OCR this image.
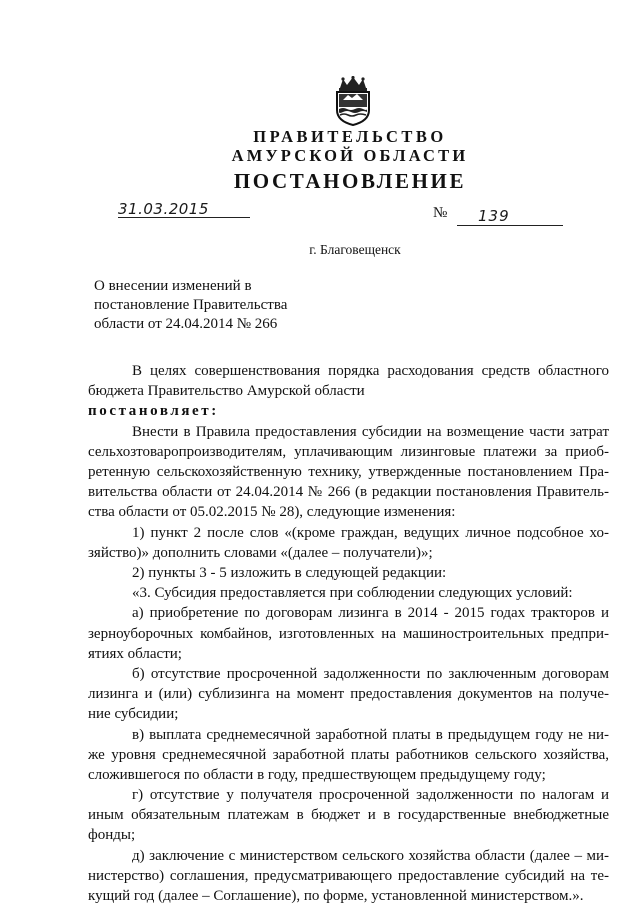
ПРАВИТЕЛЬСТВО
АМУРСКОЙ ОБЛАСТИ
ПОСТАНОВЛЕНИЕ
31.03.2015	№ 139
г. Благовещенск
О внесении изменений в
постановление Правительства
области от 24.04.2014 № 266
В целях совершенствования порядка расходования средств областного
бюджета Правительство Амурской области
постановляет:
Внести в Правила предоставления субсидии на возмещение части затрат
сельхозтоваропроизводителям, уплачивающим лизинговые платежи за приоб-
ретенную сельскохозяйственную технику, утвержденные постановлением Пра-
вительства области от 24.04.2014 № 266 (в редакции постановления Правитель-
ства области от 05.02.2015 № 28), следующие изменения:
1) пункт 2 после слов «(кроме граждан, ведущих личное подсобное хо-
зяйство)» дополнить словами «(далее – получатели)»;
2) пункты 3 - 5 изложить в следующей редакции:
«3. Субсидия предоставляется при соблюдении следующих условий:
а) приобретение по договорам лизинга в 2014 - 2015 годах тракторов и
зерноуборочных комбайнов, изготовленных на машиностроительных предпри-
ятиях области;
б) отсутствие просроченной задолженности по заключенным договорам
лизинга и (или) сублизинга на момент предоставления документов на получе-
ние субсидии;
в) выплата среднемесячной заработной платы в предыдущем году не ни-
же уровня среднемесячной заработной платы работников сельского хозяйства,
сложившегося по области в году, предшествующем предыдущему году;
г) отсутствие у получателя просроченной задолженности по налогам и
иным обязательным платежам в бюджет и в государственные внебюджетные
фонды;
д) заключение с министерством сельского хозяйства области (далее – ми-
нистерство) соглашения, предусматривающего предоставление субсидий на те-
кущий год (далее – Соглашение), по форме, установленной министерством.».
